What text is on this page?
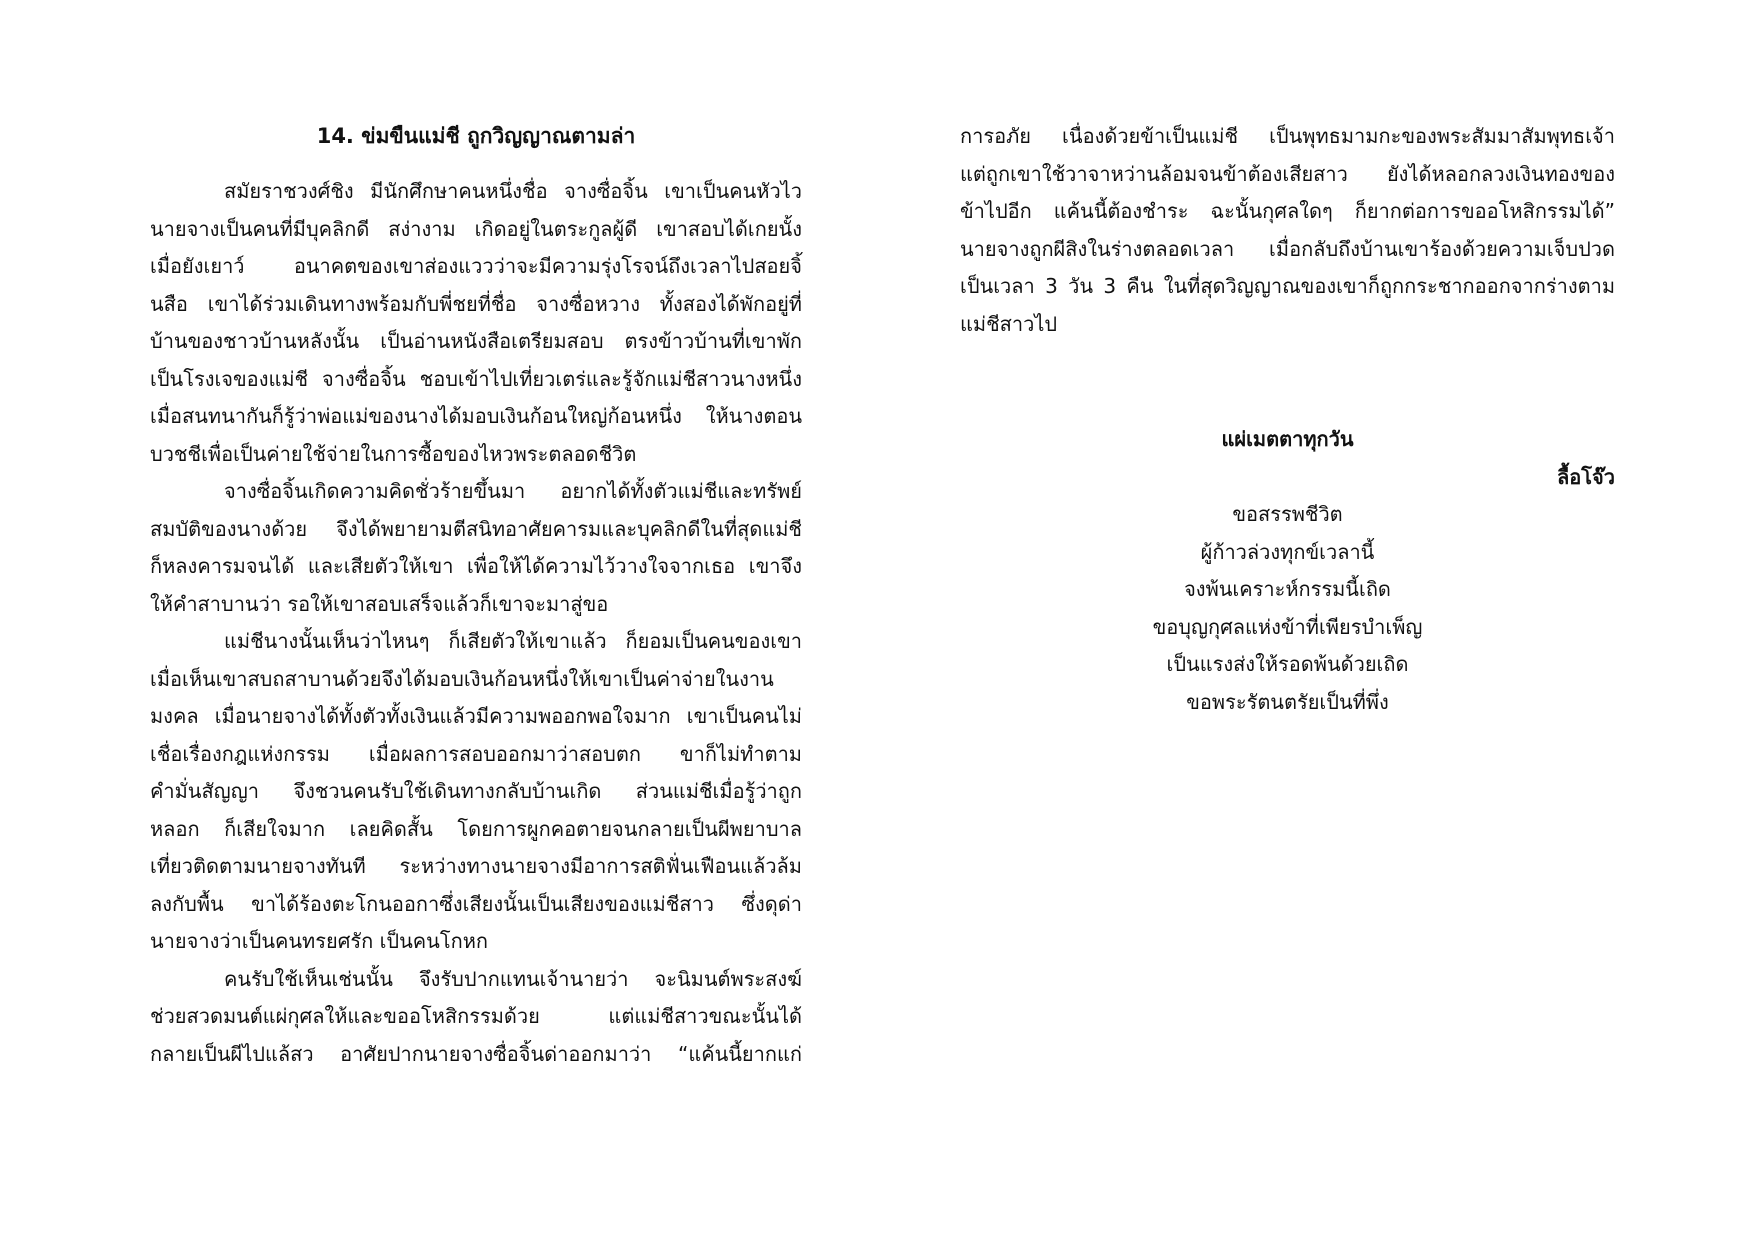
14. ข่มขืนแม่ชี ถูกวิญญาณตามล่า
สมัยราชวงศ์ชิง มีนักศึกษาคนหนึ่งชื่อ จางซื่อจิ้น เขาเป็นคนหัวไว
นายจางเป็นคนที่มีบุคลิกดี สง่างาม เกิดอยู่ในตระกูลผู้ดี เขาสอบได้เกยนั้ง
เมื่อยังเยาว์ อนาคตของเขาส่องแววว่าจะมีความรุ่งโรจน์ถึงเวลาไปสอยจิ้
นสือ เขาได้ร่วมเดินทางพร้อมกับพี่ชยที่ชื่อ จางซื่อหวาง ทั้งสองได้พักอยู่ที่
บ้านของชาวบ้านหลังนั้น เป็นอ่านหนังสือเตรียมสอบ ตรงข้าวบ้านที่เขาพัก
เป็นโรงเจของแม่ชี จางซื่อจิ้น ชอบเข้าไปเที่ยวเตร่และรู้จักแม่ชีสาวนางหนึ่ง
เมื่อสนทนากันก็รู้ว่าพ่อแม่ของนางได้มอบเงินก้อนใหญ่ก้อนหนึ่ง ให้นางตอน
บวชชีเพื่อเป็นค่ายใช้จ่ายในการซื้อของไหวพระตลอดชีวิต
จางซื่อจิ้นเกิดความคิดชั่วร้ายขึ้นมา อยากได้ทั้งตัวแม่ชีและทรัพย์
สมบัติของนางด้วย จึงได้พยายามตีสนิทอาศัยคารมและบุคลิกดีในที่สุดแม่ชี
ก็หลงคารมจนได้ และเสียตัวให้เขา เพื่อให้ได้ความไว้วางใจจากเธอ เขาจึง
ให้คำสาบานว่า รอให้เขาสอบเสร็จแล้วก็เขาจะมาสู่ขอ
แม่ชีนางนั้นเห็นว่าไหนๆ ก็เสียตัวให้เขาแล้ว ก็ยอมเป็นคนของเขา
เมื่อเห็นเขาสบถสาบานด้วยจึงได้มอบเงินก้อนหนึ่งให้เขาเป็นค่าจ่ายในงาน
มงคล เมื่อนายจางได้ทั้งตัวทั้งเงินแล้วมีความพออกพอใจมาก เขาเป็นคนไม่
เชื่อเรื่องกฎแห่งกรรม เมื่อผลการสอบออกมาว่าสอบตก ขาก็ไม่ทำตาม
คำมั่นสัญญา จึงชวนคนรับใช้เดินทางกลับบ้านเกิด ส่วนแม่ชีเมื่อรู้ว่าถูก
หลอก ก็เสียใจมาก เลยคิดสั้น โดยการผูกคอตายจนกลายเป็นผีพยาบาล
เที่ยวติดตามนายจางทันที ระหว่างทางนายจางมีอาการสติฟั่นเฟือนแล้วล้ม
ลงกับพื้น ขาได้ร้องตะโกนออกาซึ่งเสียงนั้นเป็นเสียงของแม่ชีสาว ซึ่งดุด่า
นายจางว่าเป็นคนทรยศรัก เป็นคนโกหก
คนรับใช้เห็นเช่นนั้น จึงรับปากแทนเจ้านายว่า จะนิมนต์พระสงฆ์
ช่วยสวดมนต์แผ่กุศลให้และขออโหสิกรรมด้วย แต่แม่ชีสาวขณะนั้นได้
กลายเป็นผีไปแล้สว อาศัยปากนายจางซื่อจิ้นด่าออกมาว่า “แค้นนี้ยากแก่
การอภัย เนื่องด้วยข้าเป็นแม่ชี เป็นพุทธมามกะของพระสัมมาสัมพุทธเจ้า
แต่ถูกเขาใช้วาจาหว่านล้อมจนข้าต้องเสียสาว ยังได้หลอกลวงเงินทองของ
ข้าไปอีก แค้นนี้ต้องชำระ ฉะนั้นกุศลใดๆ ก็ยากต่อการขออโหสิกรรมได้”
นายจางถูกผีสิงในร่างตลอดเวลา เมื่อกลับถึงบ้านเขาร้องด้วยความเจ็บปวด
เป็นเวลา 3 วัน 3 คืน ในที่สุดวิญญาณของเขาก็ถูกกระชากออกจากร่างตาม
แม่ชีสาวไป
แผ่เมตตาทุกวัน
ลื้อโจ๊ว
ขอสรรพชีวิต
ผู้ก้าวล่วงทุกข์เวลานี้
จงพ้นเคราะห์กรรมนี้เถิด
ขอบุญกุศลแห่งข้าที่เพียรบำเพ็ญ
เป็นแรงส่งให้รอดพ้นด้วยเถิด
ขอพระรัตนตรัยเป็นที่พึ่ง
